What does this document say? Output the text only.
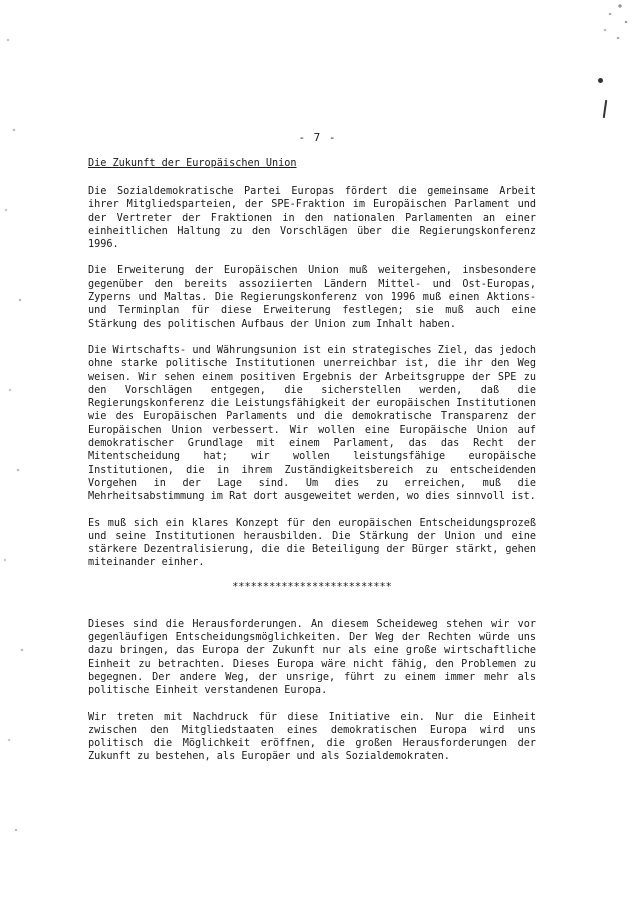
- 7 -
Die Zukunft der Europäischen Union

Die Sozialdemokratische Partei Europas fördert die gemeinsame Arbeit ihrer Mitgliedsparteien, der SPE-Fraktion im Europäischen Parlament und der Vertreter der Fraktionen in den nationalen Parlamenten an einer einheitlichen Haltung zu den Vorschlägen über die Regierungskonferenz 1996.

Die Erweiterung der Europäischen Union muß weitergehen, insbesondere gegenüber den bereits assoziierten Ländern Mittel- und Ost-Europas, Zyperns und Maltas. Die Regierungskonferenz von 1996 muß einen Aktions- und Terminplan für diese Erweiterung festlegen; sie muß auch eine Stärkung des politischen Aufbaus der Union zum Inhalt haben.

Die Wirtschafts- und Währungsunion ist ein strategisches Ziel, das jedoch ohne starke politische Institutionen unerreichbar ist, die ihr den Weg weisen. Wir sehen einem positiven Ergebnis der Arbeitsgruppe der SPE zu den Vorschlägen entgegen, die sicherstellen werden, daß die Regierungskonferenz die Leistungsfähigkeit der europäischen Institutionen wie des Europäischen Parlaments und die demokratische Transparenz der Europäischen Union verbessert. Wir wollen eine Europäische Union auf demokratischer Grundlage mit einem Parlament, das das Recht der Mitentscheidung hat; wir wollen leistungsfähige europäische Institutionen, die in ihrem Zuständigkeitsbereich zu entscheidenden Vorgehen in der Lage sind. Um dies zu erreichen, muß die Mehrheitsabstimmung im Rat dort ausgeweitet werden, wo dies sinnvoll ist.

Es muß sich ein klares Konzept für den europäischen Entscheidungsprozeß und seine Institutionen herausbilden. Die Stärkung der Union und eine stärkere Dezentralisierung, die die Beteiligung der Bürger stärkt, gehen miteinander einher.

**************************

Dieses sind die Herausforderungen. An diesem Scheideweg stehen wir vor gegenläufigen Entscheidungsmöglichkeiten. Der Weg der Rechten würde uns dazu bringen, das Europa der Zukunft nur als eine große wirtschaftliche Einheit zu betrachten. Dieses Europa wäre nicht fähig, den Problemen zu begegnen. Der andere Weg, der unsrige, führt zu einem immer mehr als politische Einheit verstandenen Europa.

Wir treten mit Nachdruck für diese Initiative ein. Nur die Einheit zwischen den Mitgliedstaaten eines demokratischen Europa wird uns politisch die Möglichkeit eröffnen, die großen Herausforderungen der Zukunft zu bestehen, als Europäer und als Sozialdemokraten.
